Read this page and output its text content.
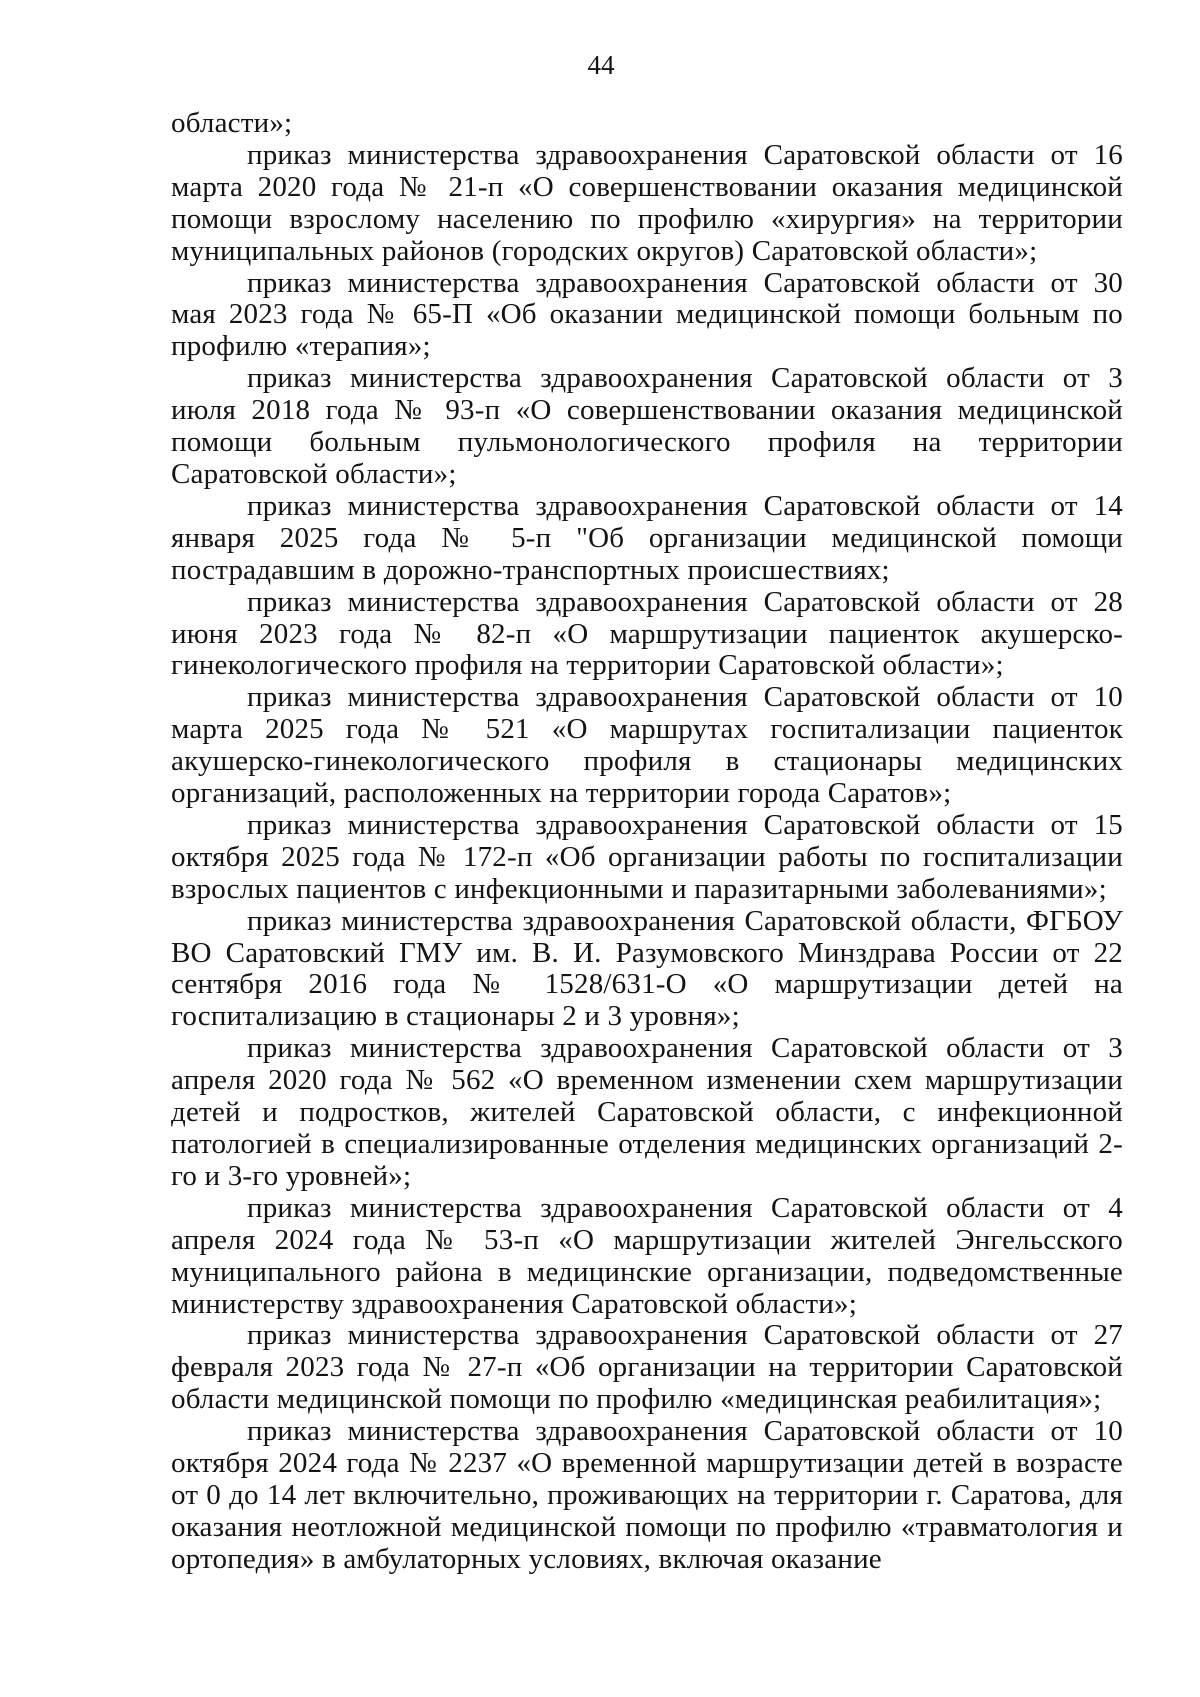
44

области»;

приказ министерства здравоохранения Саратовской области от 16 марта 2020 года № 21-п «О совершенствовании оказания медицинской помощи взрослому населению по профилю «хирургия» на территории муниципальных районов (городских округов) Саратовской области»;

приказ министерства здравоохранения Саратовской области от 30 мая 2023 года № 65-П «Об оказании медицинской помощи больным по профилю «терапия»;

приказ министерства здравоохранения Саратовской области от 3 июля 2018 года № 93-п «О совершенствовании оказания медицинской помощи больным пульмонологического профиля на территории Саратовской области»;

приказ министерства здравоохранения Саратовской области от 14 января 2025 года № 5-п "Об организации медицинской помощи пострадавшим в дорожно-транспортных происшествиях;

приказ министерства здравоохранения Саратовской области от 28 июня 2023 года № 82-п «О маршрутизации пациенток акушерско-гинекологического профиля на территории Саратовской области»;

приказ министерства здравоохранения Саратовской области от 10 марта 2025 года № 521 «О маршрутах госпитализации пациенток акушерско-гинекологического профиля в стационары медицинских организаций, расположенных на территории города Саратов»;

приказ министерства здравоохранения Саратовской области от 15 октября 2025 года № 172-п «Об организации работы по госпитализации взрослых пациентов с инфекционными и паразитарными заболеваниями»;

приказ министерства здравоохранения Саратовской области, ФГБОУ ВО Саратовский ГМУ им. В. И. Разумовского Минздрава России от 22 сентября 2016 года № 1528/631-О «О маршрутизации детей на госпитализацию в стационары 2 и 3 уровня»;

приказ министерства здравоохранения Саратовской области от 3 апреля 2020 года № 562 «О временном изменении схем маршрутизации детей и подростков, жителей Саратовской области, с инфекционной патологией в специализированные отделения медицинских организаций 2-го и 3-го уровней»;

приказ министерства здравоохранения Саратовской области от 4 апреля 2024 года № 53-п «О маршрутизации жителей Энгельсского муниципального района в медицинские организации, подведомственные министерству здравоохранения Саратовской области»;

приказ министерства здравоохранения Саратовской области от 27 февраля 2023 года № 27-п «Об организации на территории Саратовской области медицинской помощи по профилю «медицинская реабилитация»;

приказ министерства здравоохранения Саратовской области от 10 октября 2024 года № 2237 «О временной маршрутизации детей в возрасте от 0 до 14 лет включительно, проживающих на территории г. Саратова, для оказания неотложной медицинской помощи по профилю «травматология и ортопедия» в амбулаторных условиях, включая оказание
